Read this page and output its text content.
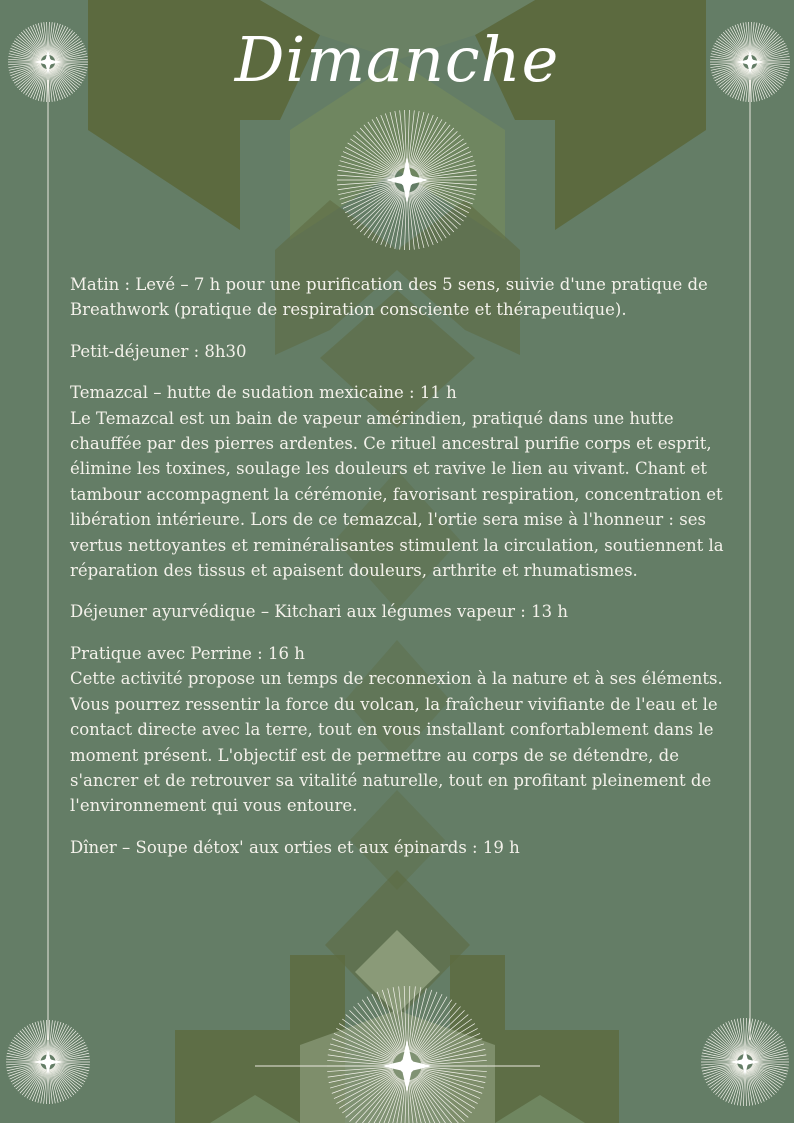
Dimanche

Matin : Levé – 7 h pour une purification des 5 sens, suivie d'une pratique de Breathwork (pratique de respiration consciente et thérapeutique).

Petit-déjeuner : 8h30

Temazcal – hutte de sudation mexicaine : 11 h

Le Temazcal est un bain de vapeur amérindien, pratiqué dans une hutte chauffée par des pierres ardentes. Ce rituel ancestral purifie corps et esprit, élimine les toxines, soulage les douleurs et ravive le lien au vivant. Chant et tambour accompagnent la cérémonie, favorisant respiration, concentration et libération intérieure. Lors de ce temazcal, l'ortie sera mise à l'honneur : ses vertus nettoyantes et reminéralisantes stimulent la circulation, soutiennent la réparation des tissus et apaisent douleurs, arthrite et rhumatismes.

Déjeuner ayurvédique – Kitchari aux légumes vapeur : 13 h

Pratique avec Perrine : 16 h

Cette activité propose un temps de reconnexion à la nature et à ses éléments. Vous pourrez ressentir la force du volcan, la fraîcheur vivifiante de l'eau et le contact directe avec la terre, tout en vous installant confortablement dans le moment présent. L'objectif est de permettre au corps de se détendre, de s'ancrer et de retrouver sa vitalité naturelle, tout en profitant pleinement de l'environnement qui vous entoure.

Dîner – Soupe détox' aux orties et aux épinards : 19 h
